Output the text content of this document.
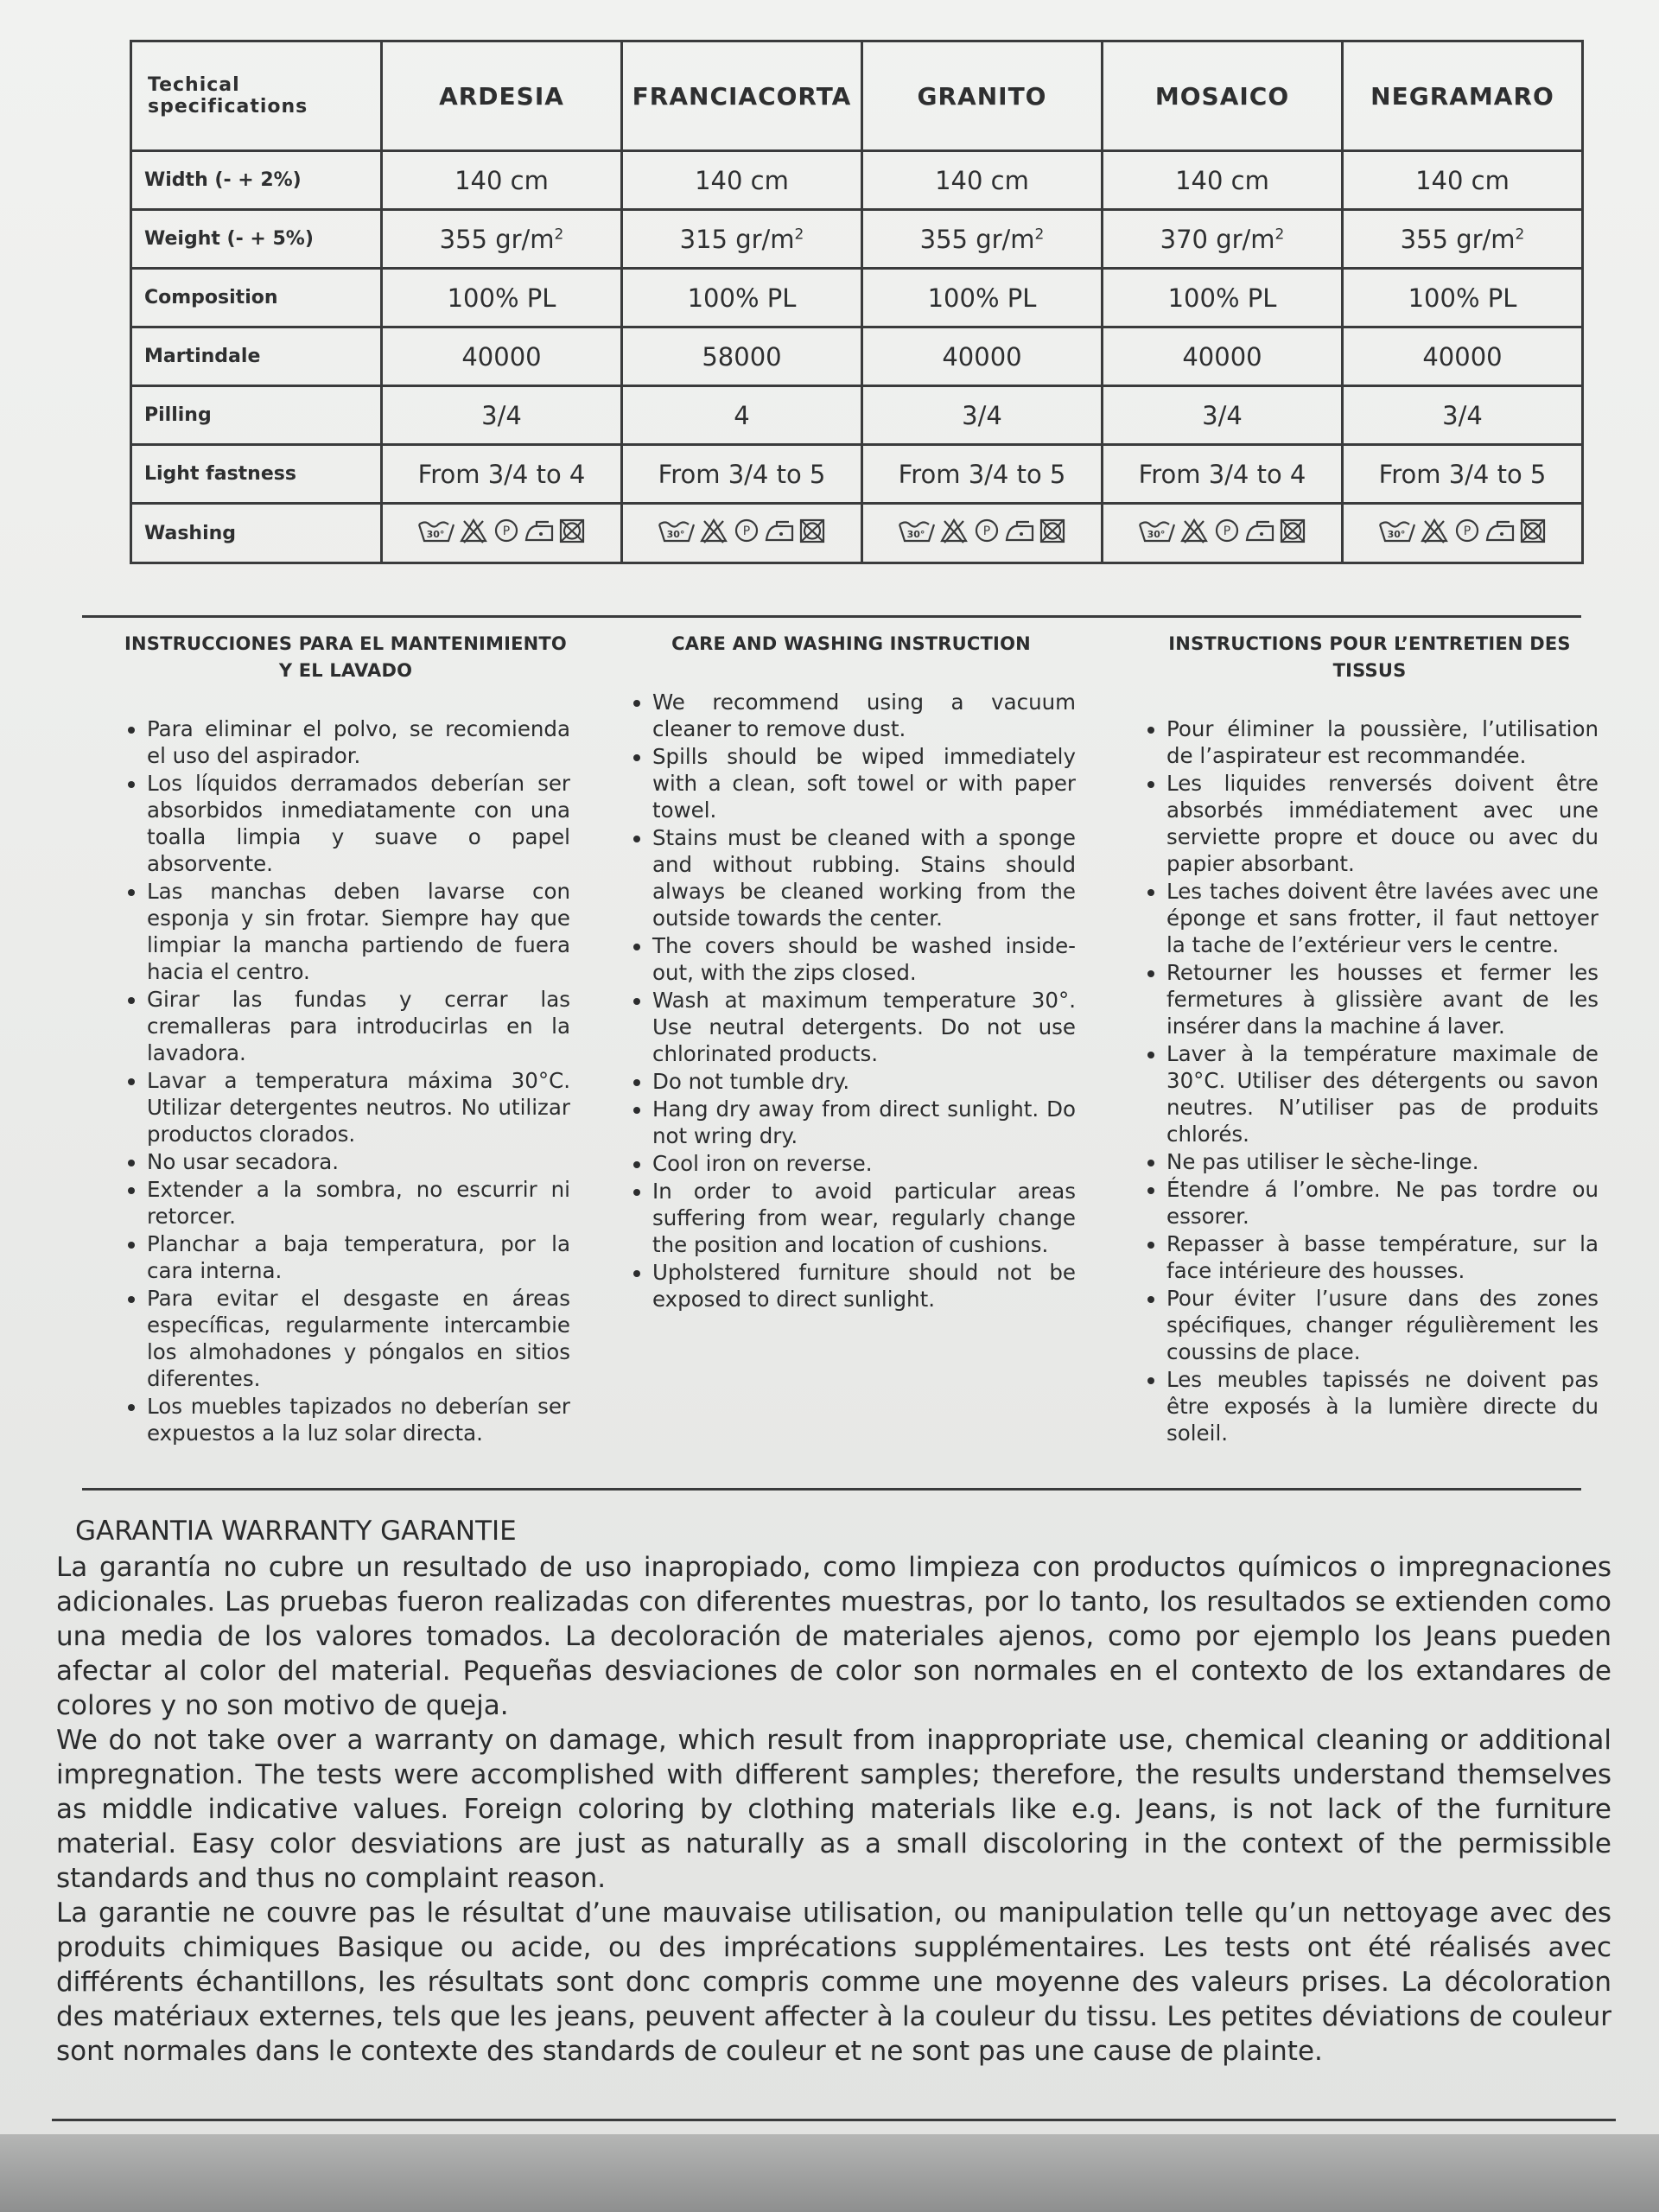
Techical specifications	ARDESIA	FRANCIACORTA	GRANITO	MOSAICO	NEGRAMARO
Width (- + 2%)	140 cm	140 cm	140 cm	140 cm	140 cm
Weight (- + 5%)	355 $gr/m^2$	315 $gr/m^2$	355 $gr/m^2$	370 $gr/m^2$	355 $gr/m^2$
Composition	100% PL	100% PL	100% PL	100% PL	100% PL
Martindale	40000	58000	40000	40000	40000
Pilling	3/4	4	3/4	3/4	3/4
Light fastness	From 3/4 to 4	From 3/4 to 5	From 3/4 to 5	From 3/4 to 4	From 3/4 to 5
Washing	30° P	30° P	30° P	30° P	30° P
INSTRUCCIONES PARA EL MANTENIMIENTO Y EL LAVADO
• Para eliminar el polvo, se recomienda el uso del aspirador.
• Los líquidos derramados deberían ser absorbidos inmediatamente con una toalla limpia y suave o papel absorvente.
• Las manchas deben lavarse con esponja y sin frotar. Siempre hay que limpiar la mancha partiendo de fuera hacia el centro.
• Girar las fundas y cerrar las cremalleras para introducirlas en la lavadora.
• Lavar a temperatura máxima 30°C. Utilizar detergentes neutros. No utilizar productos clorados.
• No usar secadora.
• Extender a la sombra, no escurrir ni retorcer.
• Planchar a baja temperatura, por la cara interna.
• Para evitar el desgaste en áreas específicas, regularmente intercambie los almohadones y póngalos en sitios diferentes.
• Los muebles tapizados no deberían ser expuestos a la luz solar directa.
CARE AND WASHING INSTRUCTION
• We recommend using a vacuum cleaner to remove dust.
• Spills should be wiped immediately with a clean, soft towel or with paper towel.
• Stains must be cleaned with a sponge and without rubbing. Stains should always be cleaned working from the outside towards the center.
• The covers should be washed inside-out, with the zips closed.
• Wash at maximum temperature 30°. Use neutral detergents. Do not use chlorinated products.
• Do not tumble dry.
• Hang dry away from direct sunlight. Do not wring dry.
• Cool iron on reverse.
• In order to avoid particular areas suffering from wear, regularly change the position and location of cushions.
• Upholstered furniture should not be exposed to direct sunlight.
INSTRUCTIONS POUR L’ENTRETIEN DES TISSUS
• Pour éliminer la poussière, l’utilisation de l’aspirateur est recommandée.
• Les liquides renversés doivent être absorbés immédiatement avec une serviette propre et douce ou avec du papier absorbant.
• Les taches doivent être lavées avec une éponge et sans frotter, il faut nettoyer la tache de l’extérieur vers le centre.
• Retourner les housses et fermer les fermetures à glissière avant de les insérer dans la machine á laver.
• Laver à la température maximale de 30°C. Utiliser des détergents ou savon neutres. N’utiliser pas de produits chlorés.
• Ne pas utiliser le sèche-linge.
• Étendre á l’ombre. Ne pas tordre ou essorer.
• Repasser à basse température, sur la face intérieure des housses.
• Pour éviter l’usure dans des zones spécifiques, changer régulièrement les coussins de place.
• Les meubles tapissés ne doivent pas être exposés à la lumière directe du soleil.
GARANTIA WARRANTY GARANTIE

La garantía no cubre un resultado de uso inapropiado, como limpieza con productos químicos o impregnaciones adicionales. Las pruebas fueron realizadas con diferentes muestras, por lo tanto, los resultados se extienden como una media de los valores tomados. La decoloración de materiales ajenos, como por ejemplo los Jeans pueden afectar al color del material. Pequeñas desviaciones de color son normales en el contexto de los extandares de colores y no son motivo de queja.

We do not take over a warranty on damage, which result from inappropriate use, chemical cleaning or additional impregnation. The tests were accomplished with different samples; therefore, the results understand themselves as middle indicative values. Foreign coloring by clothing materials like e.g. Jeans, is not lack of the furniture material. Easy color desviations are just as naturally as a small discoloring in the context of the permissible standards and thus no complaint reason.

La garantie ne couvre pas le résultat d’une mauvaise utilisation, ou manipulation telle qu’un nettoyage avec des produits chimiques Basique ou acide, ou des imprécations supplémentaires. Les tests ont été réalisés avec différents échantillons, les résultats sont donc compris comme une moyenne des valeurs prises. La décoloration des matériaux externes, tels que les jeans, peuvent affecter à la couleur du tissu. Les petites déviations de couleur sont normales dans le contexte des standards de couleur et ne sont pas une cause de plainte.
